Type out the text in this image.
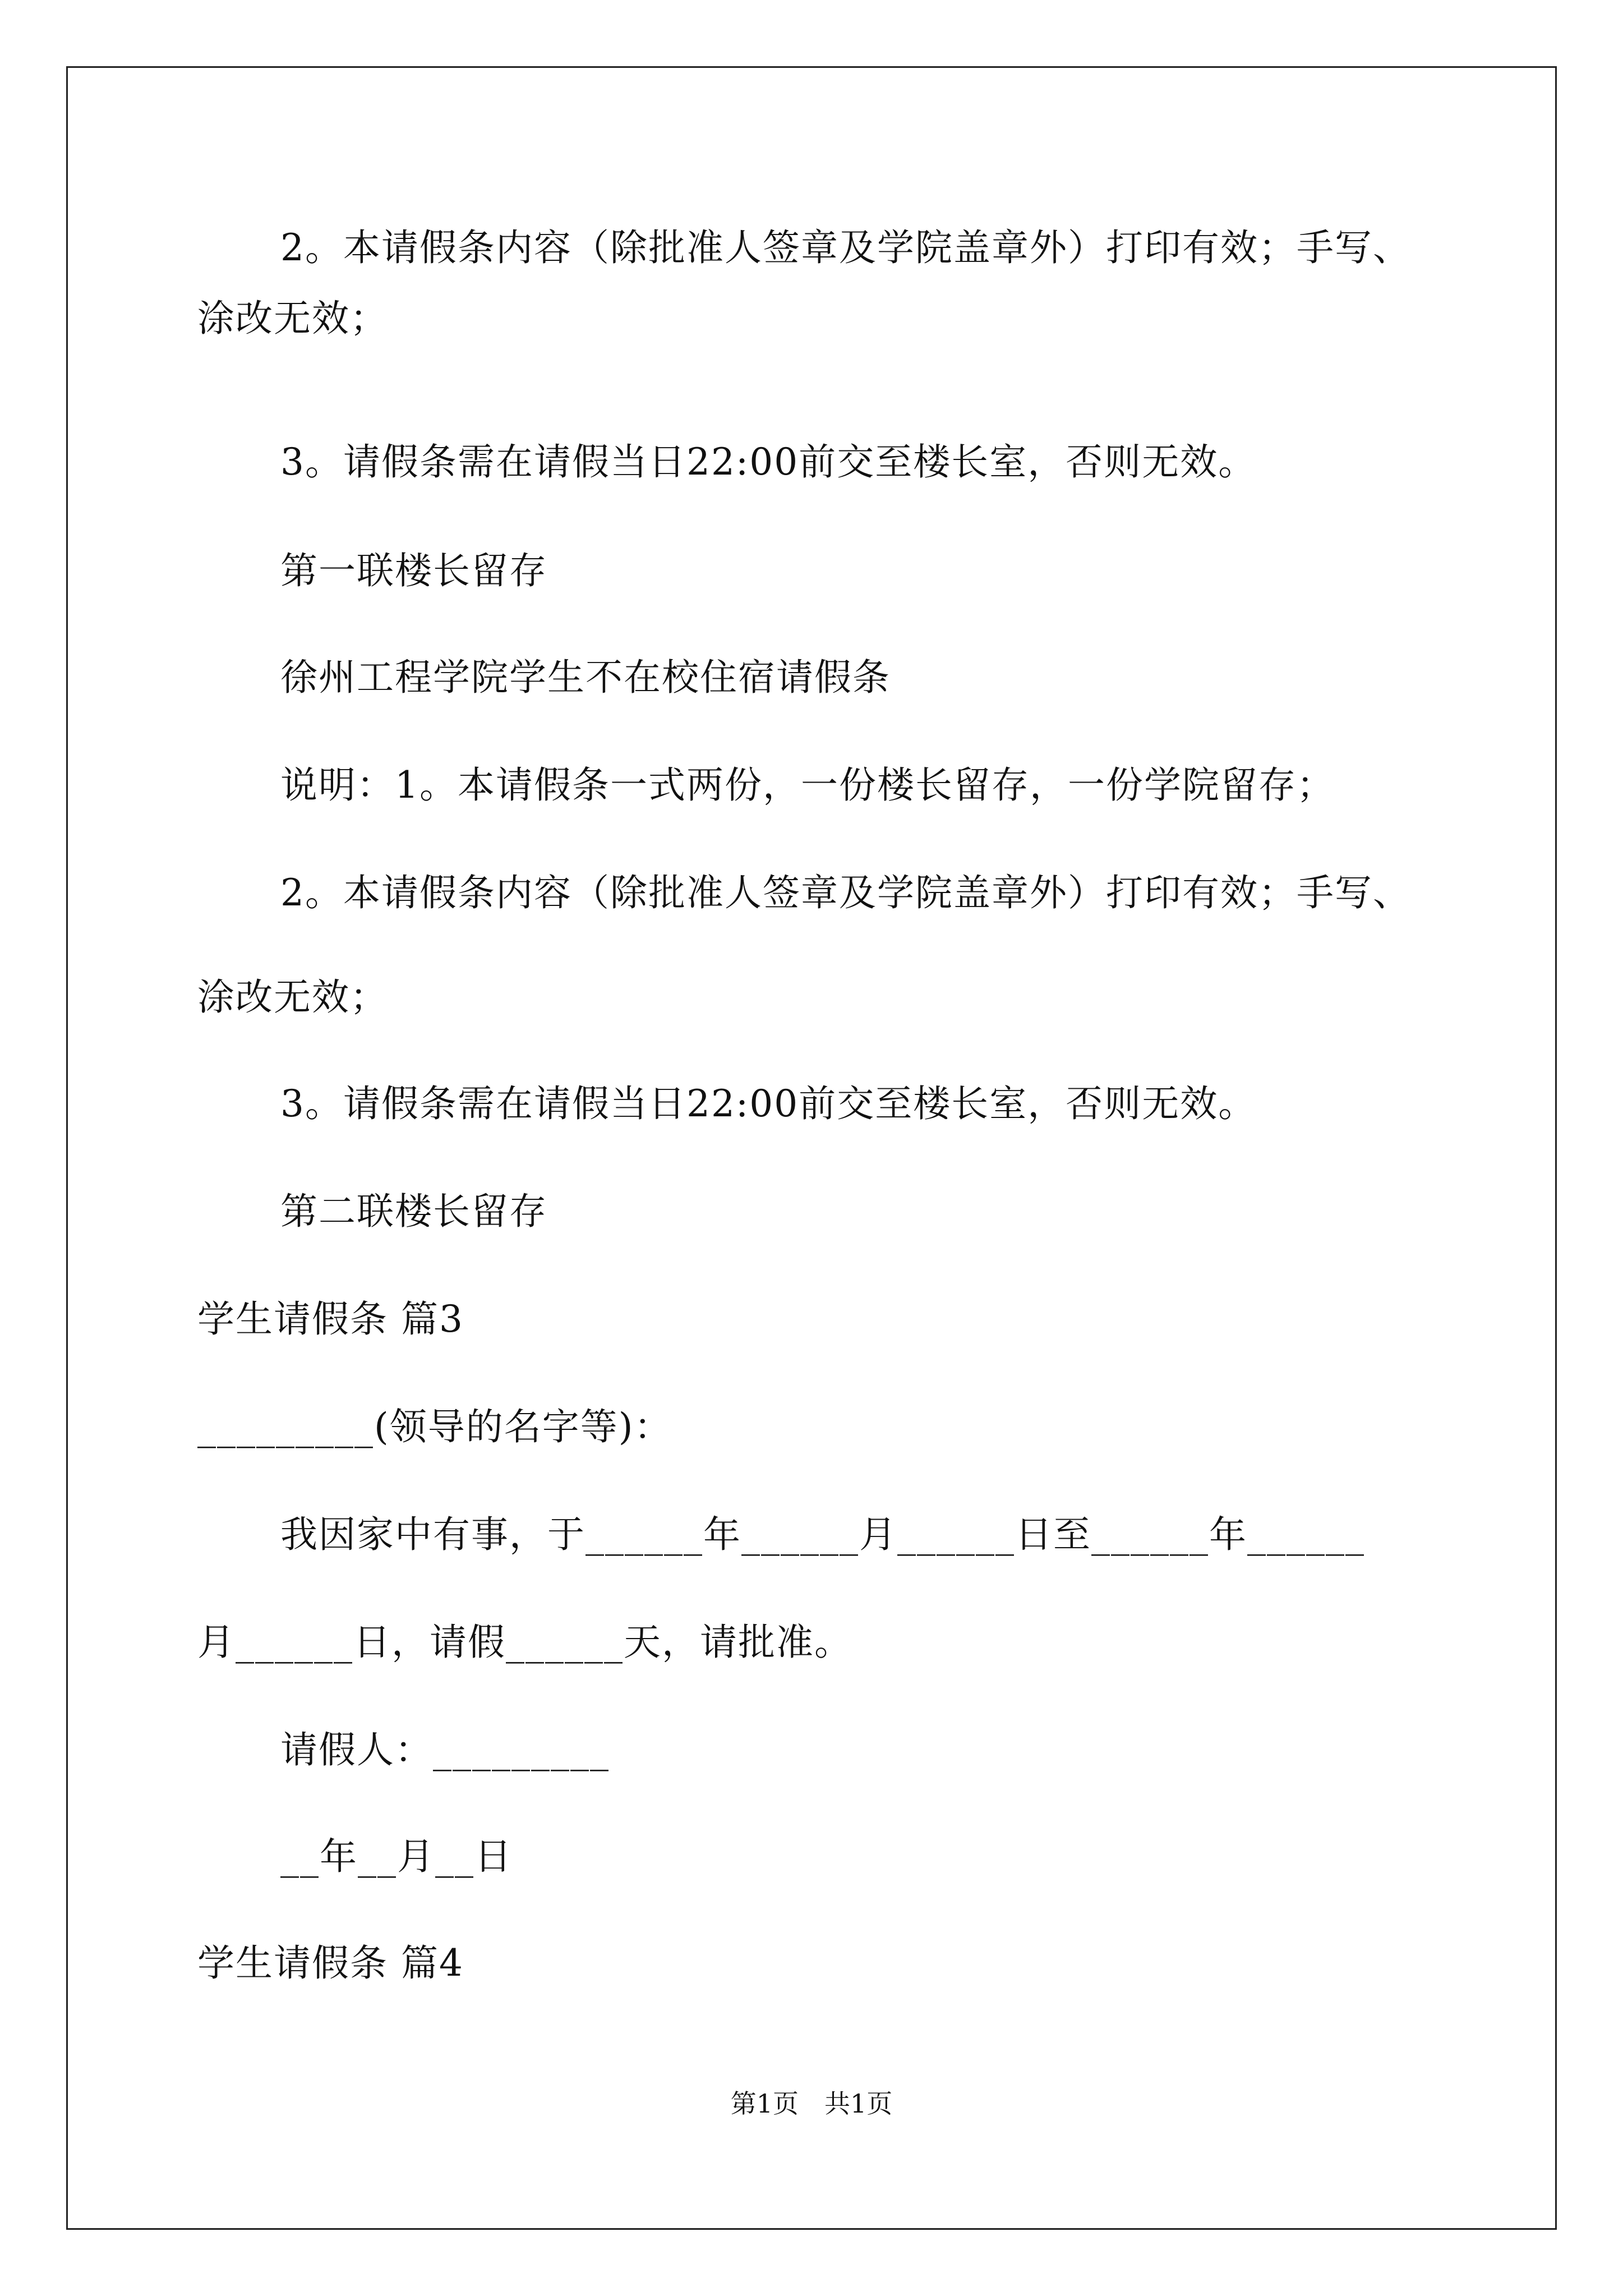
2。本请假条内容（除批准人签章及学院盖章外）打印有效；手写、
涂改无效；
3。请假条需在请假当日22:00前交至楼长室，否则无效。
第一联楼长留存
徐州工程学院学生不在校住宿请假条
说明：1。本请假条一式两份，一份楼长留存，一份学院留存；
2。本请假条内容（除批准人签章及学院盖章外）打印有效；手写、
涂改无效；
3。请假条需在请假当日22:00前交至楼长室，否则无效。
第二联楼长留存
学生请假条 篇3
_________(领导的名字等)：
我因家中有事，于______年______月______日至______年______
月______日，请假______天，请批准。
请假人：_________
__年__月__日
学生请假条 篇4
第1页　共1页
